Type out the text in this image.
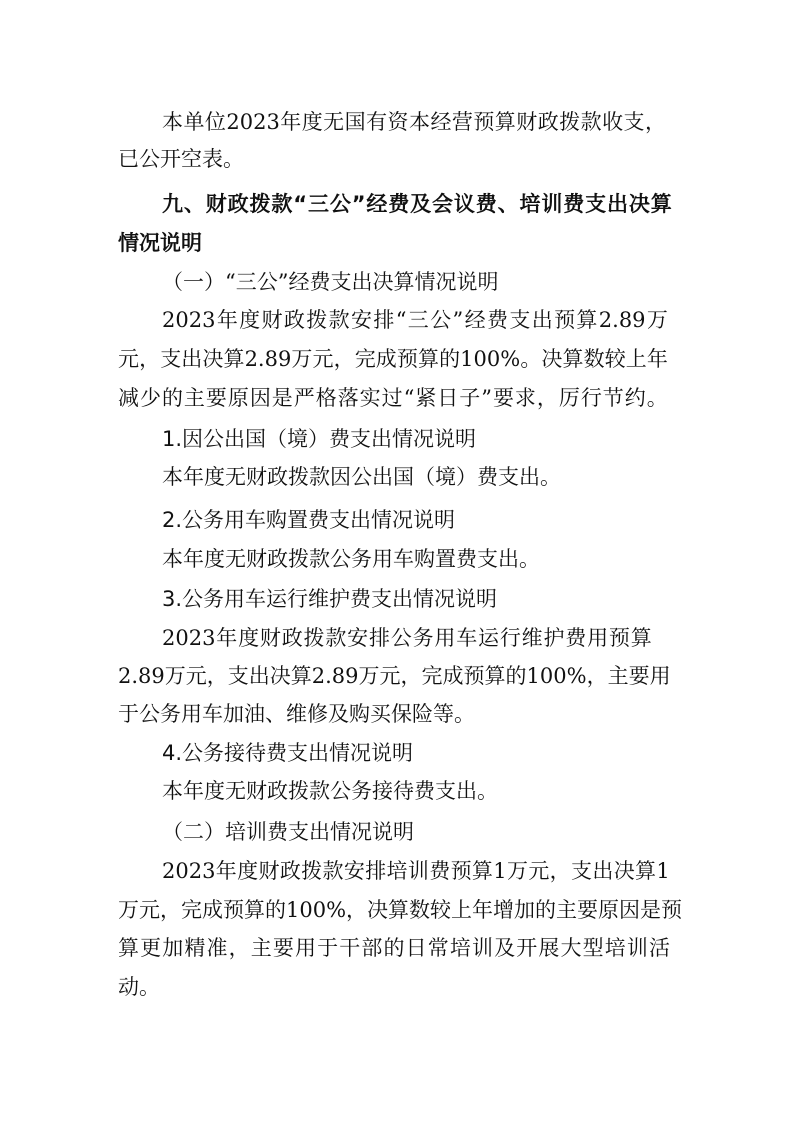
本 单 位 2023 年 度 无 国 有 资 本 经 营 预 算 财 政 拨 款 收 支 ，
已公开空表。
九 、 财 政 拨 款 “ 三 公 ” 经 费 及 会 议 费 、 培 训 费 支 出 决 算
情况说明
（一）“三公”经费支出决算情况说明
2023 年 度 财 政 拨 款 安 排 “ 三 公 ” 经 费 支 出 预 算 2.89 万
元 ， 支 出 决 算 2.89 万 元 ， 完 成 预 算 的 100% 。 决 算 数 较 上 年
减 少 的 主 要 原 因 是 严 格 落 实 过 “ 紧 日 子 ” 要 求 ， 厉 行 节 约 。
1.因公出国（境）费支出情况说明
本年度无财政拨款因公出国（境）费支出。
2.公务用车购置费支出情况说明
本年度无财政拨款公务用车购置费支出。
3.公务用车运行维护费支出情况说明
2023 年 度 财 政 拨 款 安 排 公 务 用 车 运 行 维 护 费 用 预 算
2.89 万 元 ， 支 出 决 算 2.89 万 元 ， 完 成 预 算 的 100% ， 主 要 用
于公务用车加油、维修及购买保险等。
4.公务接待费支出情况说明
本年度无财政拨款公务接待费支出。
（二）培训费支出情况说明
2023 年 度 财 政 拨 款 安 排 培 训 费 预 算 1 万 元 ， 支 出 决 算 1
万 元 ， 完 成 预 算 的 100% ， 决 算 数 较 上 年 增 加 的 主 要 原 因 是 预
算 更 加 精 准 ， 主 要 用 于 干 部 的 日 常 培 训 及 开 展 大 型 培 训 活
动。
